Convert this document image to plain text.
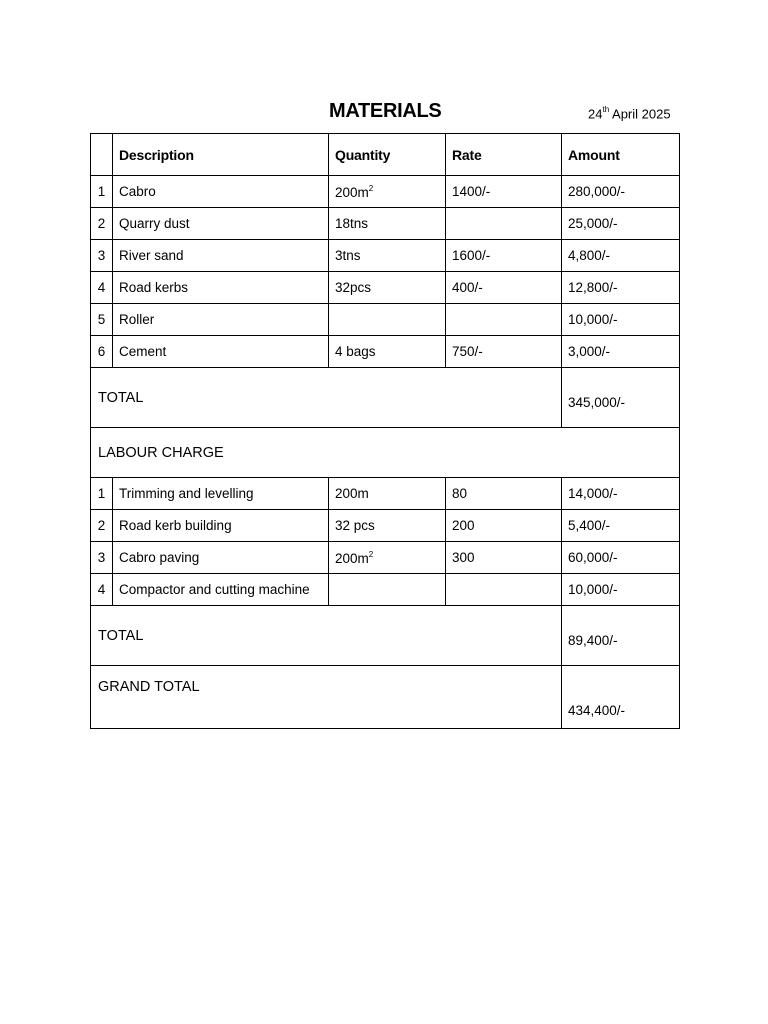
MATERIALS	24th April 2025
	Description	Quantity	Rate	Amount
1	Cabro	$200m^2$	1400/-	280,000/-
2	Quarry dust	18tns		25,000/-
3	River sand	3tns	1600/-	4,800/-
4	Road kerbs	32pcs	400/-	12,800/-
5	Roller			10,000/-
6	Cement	4 bags	750/-	3,000/-
TOTAL				345,000/-
LABOUR CHARGE				
1	Trimming and levelling	200m	80	14,000/-
2	Road kerb building	32 pcs	200	5,400/-
3	Cabro paving	$200m^2$	300	60,000/-
4	Compactor and cutting machine			10,000/-
TOTAL				89,400/-
GRAND TOTAL				434,400/-
